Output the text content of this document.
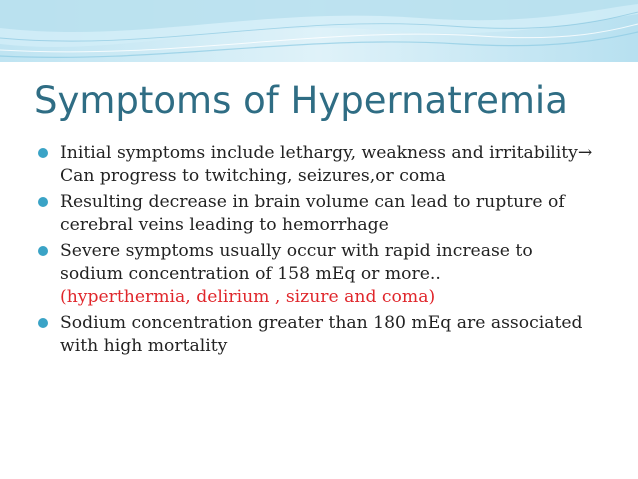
Symptoms of Hypernatremia
Initial symptoms include lethargy, weakness and irritability→ Can progress to twitching, seizures,or coma
Resulting decrease in brain volume can lead to rupture of cerebral veins leading to hemorrhage
Severe symptoms usually occur with rapid increase to sodium concentration of 158 mEq or more..
(hyperthermia, delirium , sizure and coma)
Sodium concentration greater than 180 mEq are associated with high mortality
